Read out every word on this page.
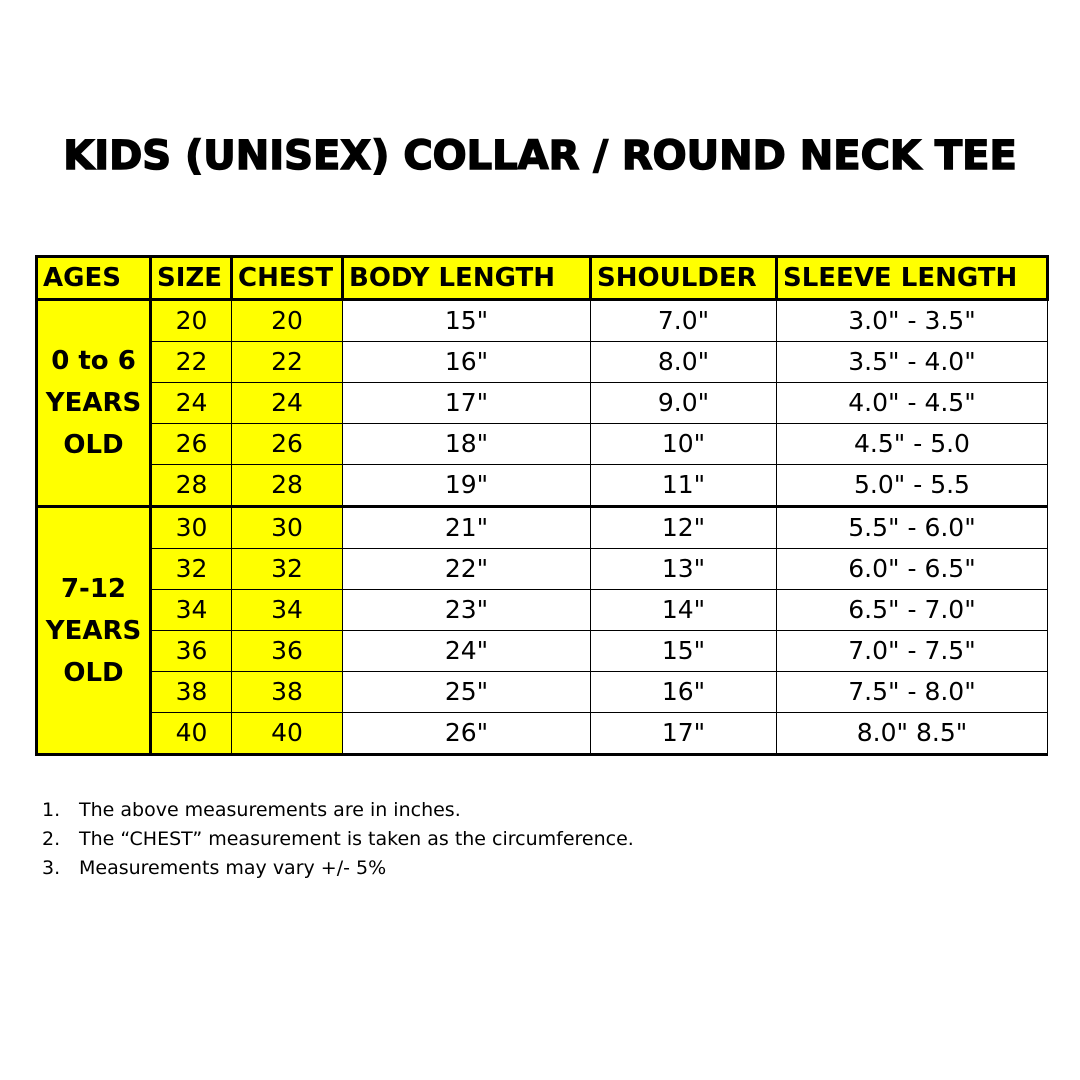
KIDS (UNISEX) COLLAR / ROUND NECK TEE
AGES	SIZE	CHEST	BODY LENGTH	SHOULDER	SLEEVE LENGTH
0 to 6 YEARS OLD	20	20	15"	7.0"	3.0" - 3.5"
	22	22	16"	8.0"	3.5" - 4.0"
	24	24	17"	9.0"	4.0" - 4.5"
	26	26	18"	10"	4.5" - 5.0
	28	28	19"	11"	5.0" - 5.5
7-12 YEARS OLD	30	30	21"	12"	5.5" - 6.0"
	32	32	22"	13"	6.0" - 6.5"
	34	34	23"	14"	6.5" - 7.0"
	36	36	24"	15"	7.0" - 7.5"
	38	38	25"	16"	7.5" - 8.0"
	40	40	26"	17"	8.0" 8.5"
1. The above measurements are in inches.
2. The “CHEST” measurement is taken as the circumference.
3. Measurements may vary +/- 5%
